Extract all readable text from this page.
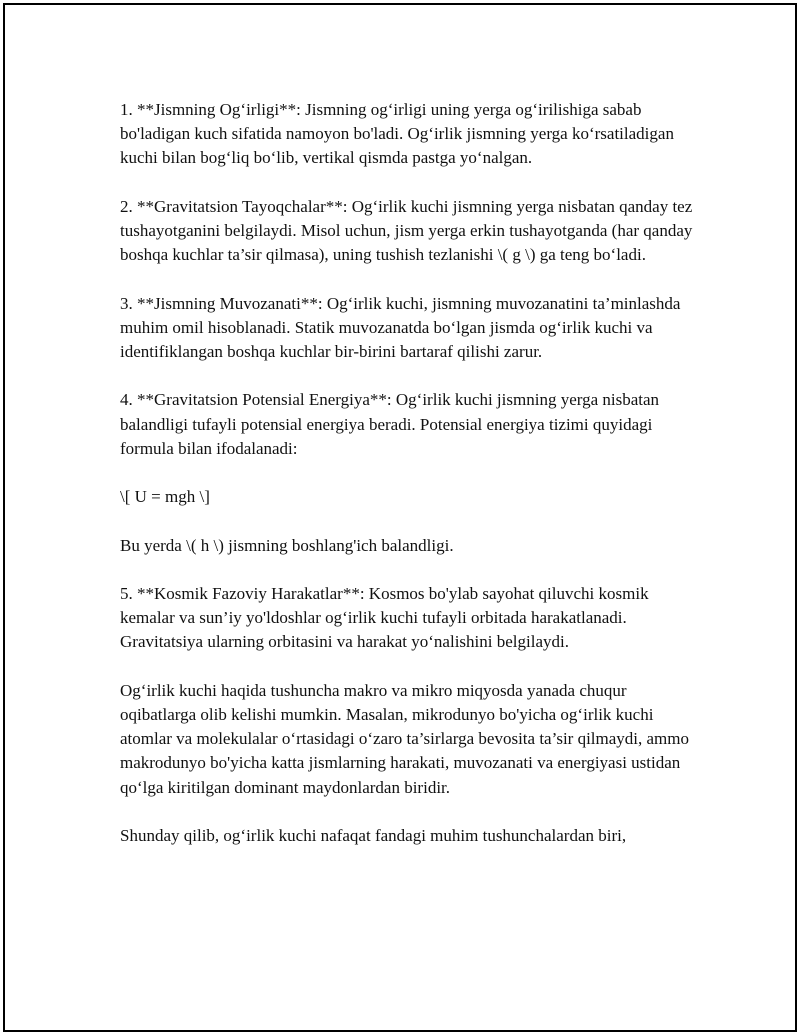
1. **Jismning Og‘irligi**: Jismning og‘irligi uning yerga og‘irilishiga sabab bo'ladigan kuch sifatida namoyon bo'ladi. Og‘irlik jismning yerga ko‘rsatiladigan kuchi bilan bog‘liq bo‘lib, vertikal qismda pastga yo‘nalgan.

2. **Gravitatsion Tayoqchalar**: Og‘irlik kuchi jismning yerga nisbatan qanday tez tushayotganini belgilaydi. Misol uchun, jism yerga erkin tushayotganda (har qanday boshqa kuchlar ta’sir qilmasa), uning tushish tezlanishi \( g \) ga teng bo‘ladi.

3. **Jismning Muvozanati**: Og‘irlik kuchi, jismning muvozanatini ta’minlashda muhim omil hisoblanadi. Statik muvozanatda bo‘lgan jismda og‘irlik kuchi va identifiklangan boshqa kuchlar bir-birini bartaraf qilishi zarur.

4. **Gravitatsion Potensial Energiya**: Og‘irlik kuchi jismning yerga nisbatan balandligi tufayli potensial energiya beradi. Potensial energiya tizimi quyidagi formula bilan ifodalanadi:

\[ U = mgh \]

Bu yerda \( h \) jismning boshlang'ich balandligi.

5. **Kosmik Fazoviy Harakatlar**: Kosmos bo'ylab sayohat qiluvchi kosmik kemalar va sun’iy yo'ldoshlar og‘irlik kuchi tufayli orbitada harakatlanadi. Gravitatsiya ularning orbitasini va harakat yo‘nalishini belgilaydi.

Og‘irlik kuchi haqida tushuncha makro va mikro miqyosda yanada chuqur oqibatlarga olib kelishi mumkin. Masalan, mikrodunyo bo'yicha og‘irlik kuchi atomlar va molekulalar o‘rtasidagi o‘zaro ta’sirlarga bevosita ta’sir qilmaydi, ammo makrodunyo bo'yicha katta jismlarning harakati, muvozanati va energiyasi ustidan qo‘lga kiritilgan dominant maydonlardan biridir.

Shunday qilib, og‘irlik kuchi nafaqat fandagi muhim tushunchalardan biri,
